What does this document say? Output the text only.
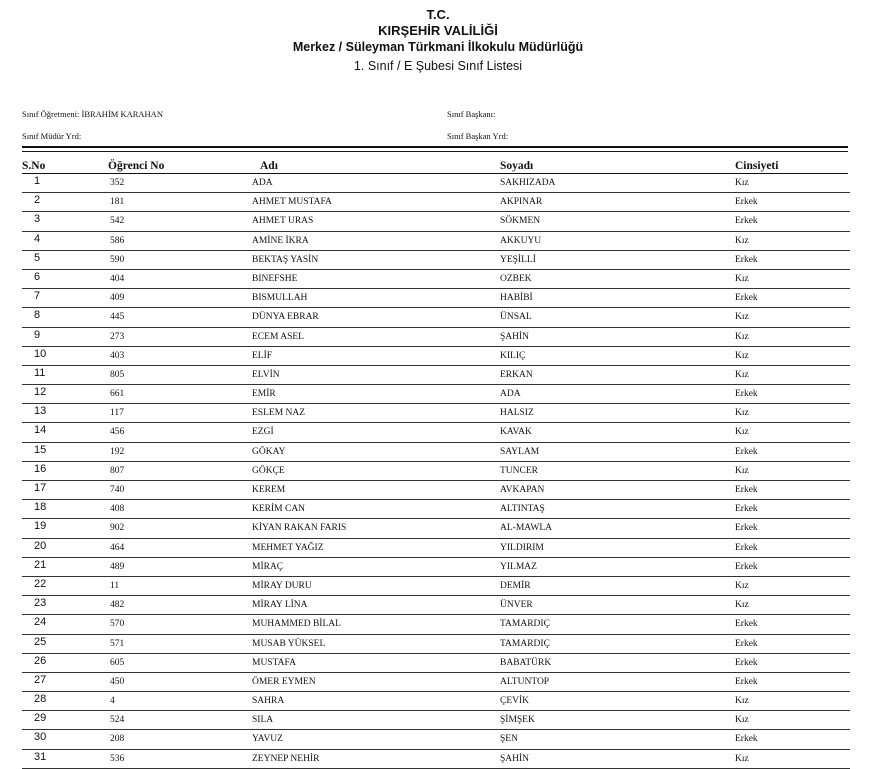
T.C.
KIRŞEHİR VALİLİĞİ
Merkez / Süleyman Türkmani İlkokulu Müdürlüğü
1. Sınıf / E Şubesi Sınıf Listesi
Sınıf Öğretmeni: İBRAHİM KARAHAN
Sınıf Müdür Yrd:
Sınıf Başkanı:
Sınıf Başkan Yrd:
S.No	Öğrenci No	Adı	Soyadı	Cinsiyeti
1	352	ADA	SAKHIZADA	Kız
2	181	AHMET MUSTAFA	AKPINAR	Erkek
3	542	AHMET URAS	SÖKMEN	Erkek
4	586	AMİNE İKRA	AKKUYU	Kız
5	590	BEKTAŞ YASİN	YEŞİLLİ	Erkek
6	404	BINEFSHE	OZBEK	Kız
7	409	BISMULLAH	HABİBİ	Erkek
8	445	DÜNYA EBRAR	ÜNSAL	Kız
9	273	ECEM ASEL	ŞAHİN	Kız
10	403	ELİF	KILIÇ	Kız
11	805	ELVİN	ERKAN	Kız
12	661	EMİR	ADA	Erkek
13	117	ESLEM NAZ	HALSIZ	Kız
14	456	EZGİ	KAVAK	Kız
15	192	GÖKAY	SAYLAM	Erkek
16	807	GÖKÇE	TUNCER	Kız
17	740	KEREM	AVKAPAN	Erkek
18	408	KERİM CAN	ALTINTAŞ	Erkek
19	902	KİYAN RAKAN FARIS	AL-MAWLA	Erkek
20	464	MEHMET YAĞIZ	YILDIRIM	Erkek
21	489	MİRAÇ	YILMAZ	Erkek
22	11	MİRAY DURU	DEMİR	Kız
23	482	MİRAY LİNA	ÜNVER	Kız
24	570	MUHAMMED BİLAL	TAMARDIÇ	Erkek
25	571	MUSAB YÜKSEL	TAMARDIÇ	Erkek
26	605	MUSTAFA	BABATÜRK	Erkek
27	450	ÖMER EYMEN	ALTUNTOP	Erkek
28	4	SAHRA	ÇEVİK	Kız
29	524	SILA	ŞİMŞEK	Kız
30	208	YAVUZ	ŞEN	Erkek
31	536	ZEYNEP NEHİR	ŞAHİN	Kız
